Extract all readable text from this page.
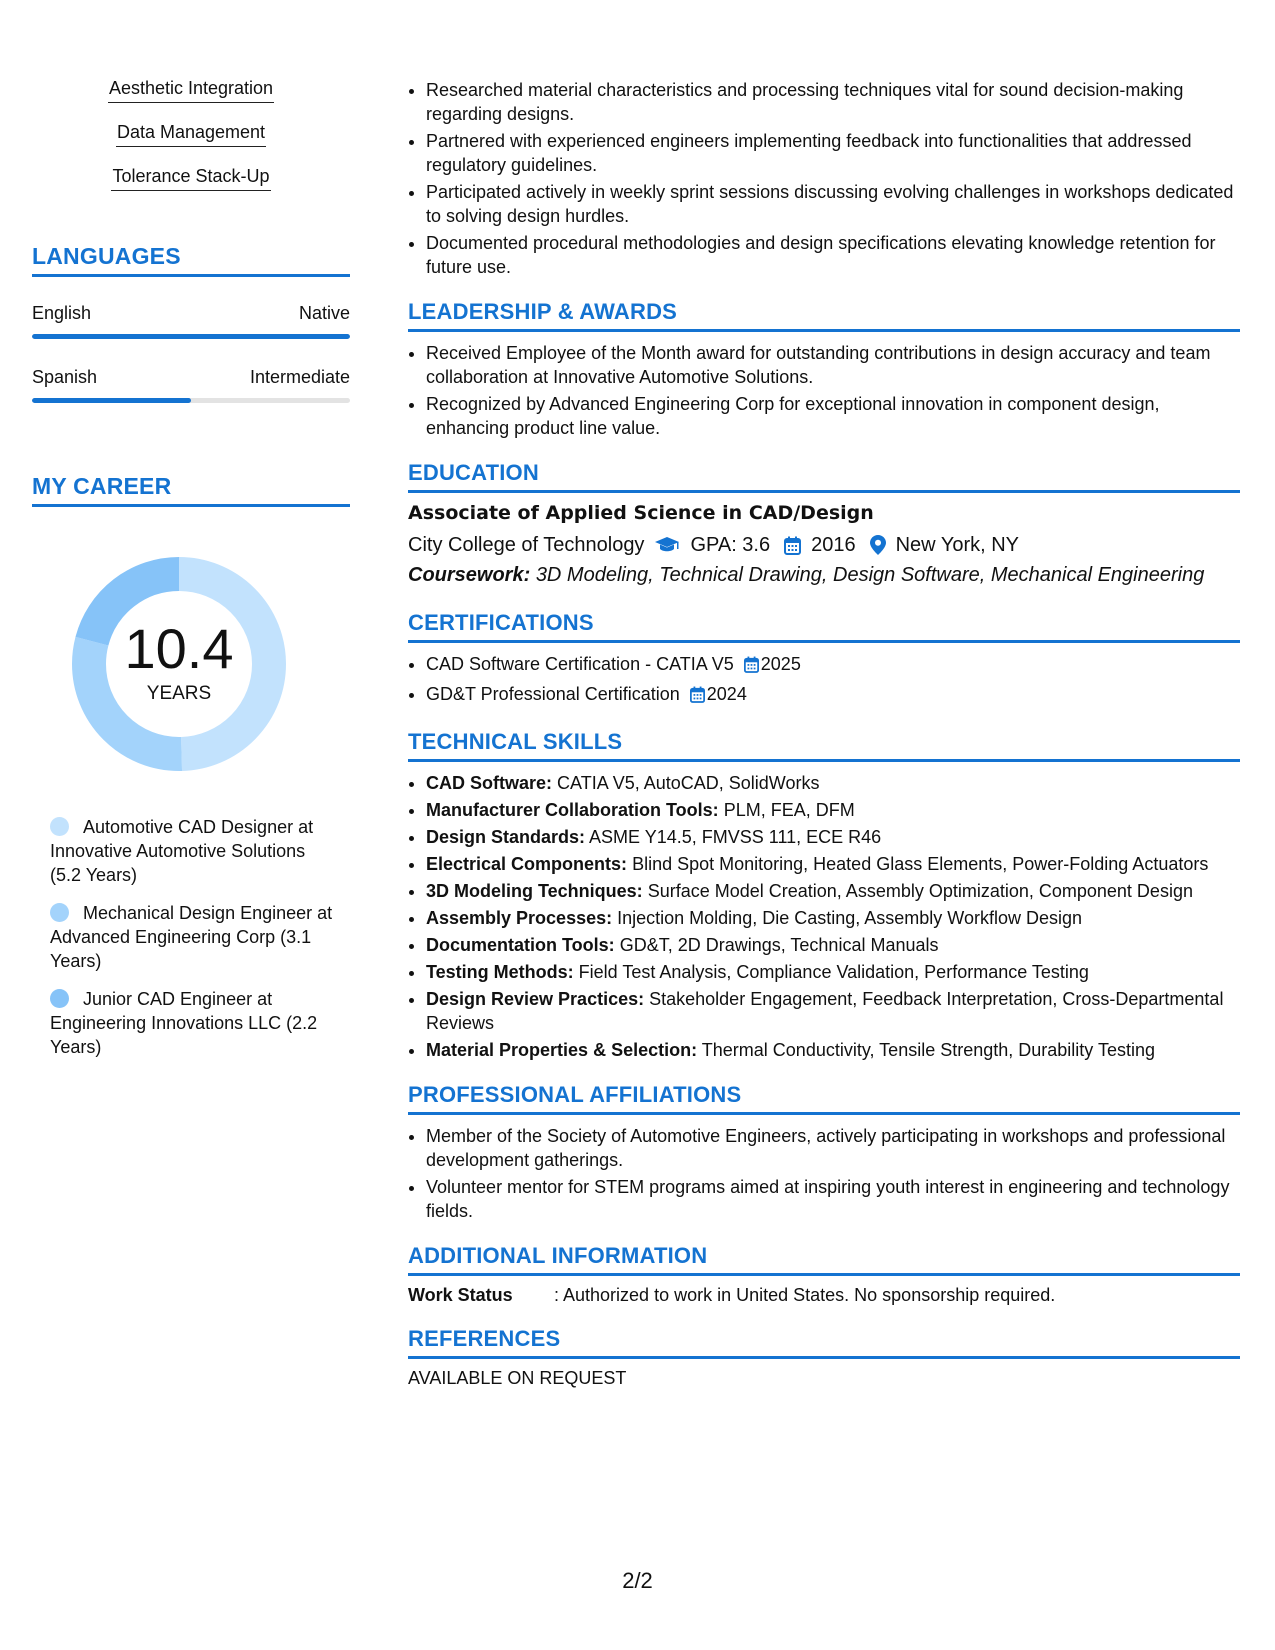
Aesthetic Integration
Data Management
Tolerance Stack-Up
LANGUAGES
English	Native
Spanish	Intermediate
MY CAREER
10.4
YEARS
Automotive CAD Designer at Innovative Automotive Solutions (5.2 Years)
Mechanical Design Engineer at Advanced Engineering Corp (3.1 Years)
Junior CAD Engineer at Engineering Innovations LLC (2.2 Years)
• Researched material characteristics and processing techniques vital for sound decision-making regarding designs.
• Partnered with experienced engineers implementing feedback into functionalities that addressed regulatory guidelines.
• Participated actively in weekly sprint sessions discussing evolving challenges in workshops dedicated to solving design hurdles.
• Documented procedural methodologies and design specifications elevating knowledge retention for future use.
LEADERSHIP & AWARDS
• Received Employee of the Month award for outstanding contributions in design accuracy and team collaboration at Innovative Automotive Solutions.
• Recognized by Advanced Engineering Corp for exceptional innovation in component design, enhancing product line value.
EDUCATION
Associate of Applied Science in CAD/Design
City College of Technology GPA: 3.6 2016 New York, NY
Coursework: 3D Modeling, Technical Drawing, Design Software, Mechanical Engineering
CERTIFICATIONS
• CAD Software Certification - CATIA V5 2025
• GD&T Professional Certification 2024
TECHNICAL SKILLS
• CAD Software: CATIA V5, AutoCAD, SolidWorks
• Manufacturer Collaboration Tools: PLM, FEA, DFM
• Design Standards: ASME Y14.5, FMVSS 111, ECE R46
• Electrical Components: Blind Spot Monitoring, Heated Glass Elements, Power-Folding Actuators
• 3D Modeling Techniques: Surface Model Creation, Assembly Optimization, Component Design
• Assembly Processes: Injection Molding, Die Casting, Assembly Workflow Design
• Documentation Tools: GD&T, 2D Drawings, Technical Manuals
• Testing Methods: Field Test Analysis, Compliance Validation, Performance Testing
• Design Review Practices: Stakeholder Engagement, Feedback Interpretation, Cross-Departmental Reviews
• Material Properties & Selection: Thermal Conductivity, Tensile Strength, Durability Testing
PROFESSIONAL AFFILIATIONS
• Member of the Society of Automotive Engineers, actively participating in workshops and professional development gatherings.
• Volunteer mentor for STEM programs aimed at inspiring youth interest in engineering and technology fields.
ADDITIONAL INFORMATION
Work Status	: Authorized to work in United States. No sponsorship required.
REFERENCES
AVAILABLE ON REQUEST
2/2
